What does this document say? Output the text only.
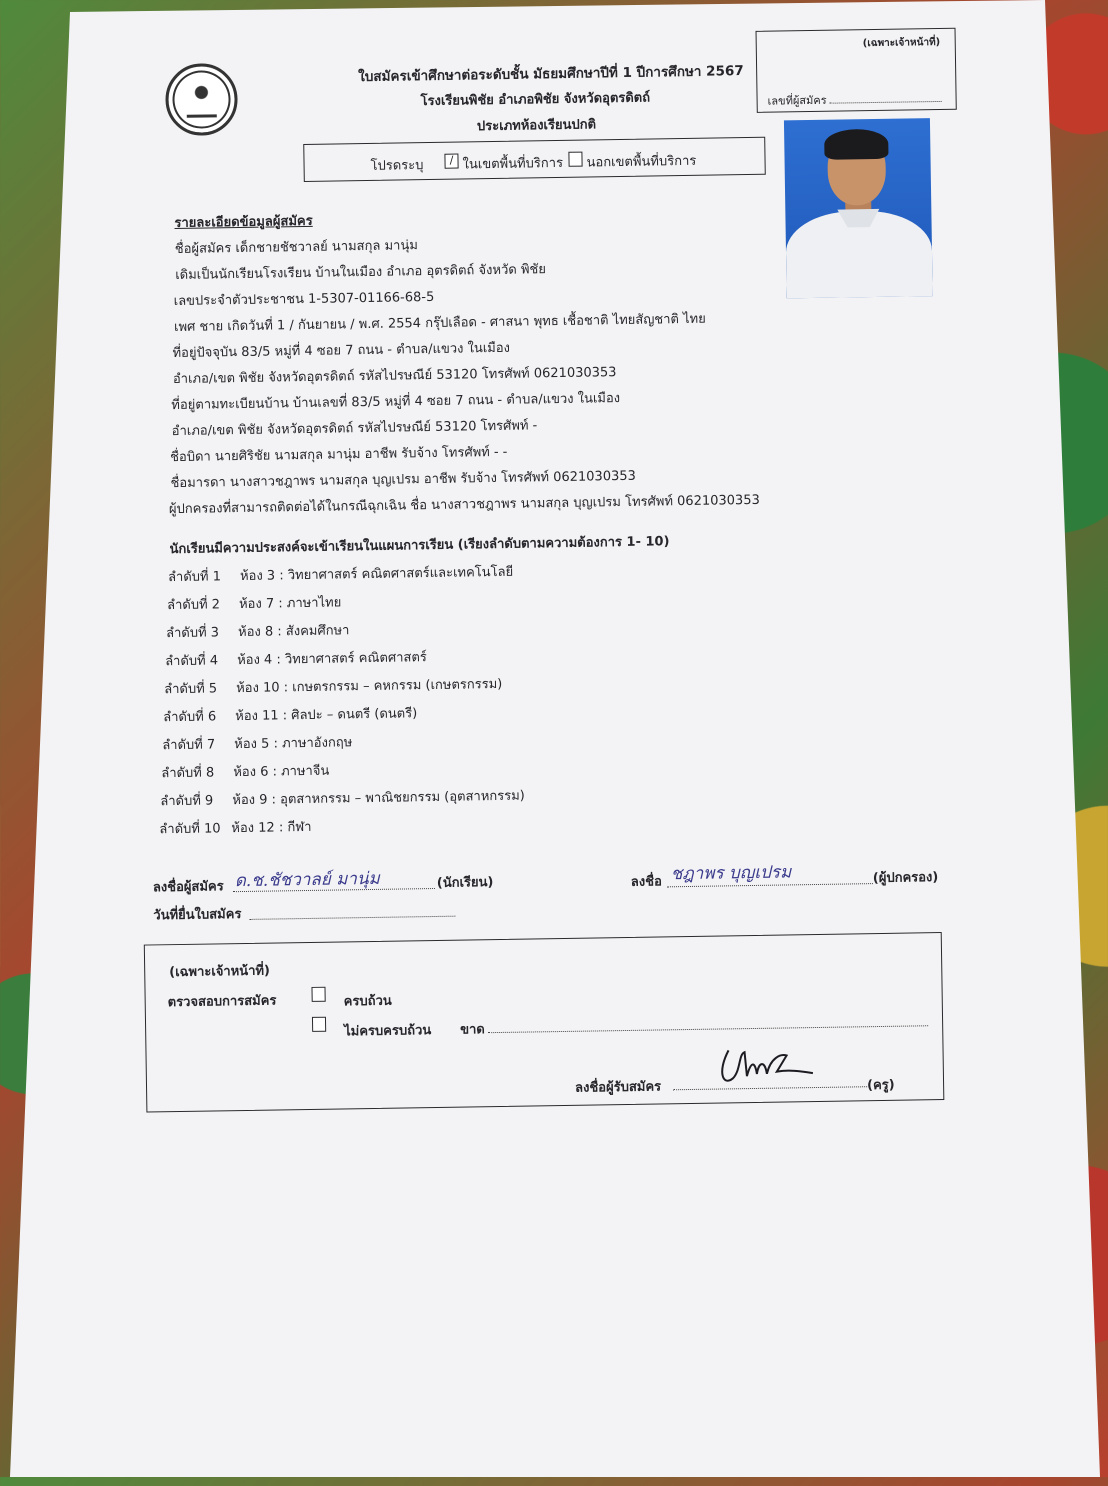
ใบสมัครเข้าศึกษาต่อระดับชั้น มัธยมศึกษาปีที่ 1 ปีการศึกษา 2567
โรงเรียนพิชัย อำเภอพิชัย จังหวัดอุตรดิตถ์
ประเภทห้องเรียนปกติ
(เฉพาะเจ้าหน้าที่)
เลขที่ผู้สมัคร
โปรดระบุ	/ ในเขตพื้นที่บริการ นอกเขตพื้นที่บริการ
รายละเอียดข้อมูลผู้สมัคร
ชื่อผู้สมัคร เด็กชายชัชวาลย์ นามสกุล มานุ่ม
เดิมเป็นนักเรียนโรงเรียน บ้านในเมือง อำเภอ อุตรดิตถ์ จังหวัด พิชัย
เลขประจำตัวประชาชน 1-5307-01166-68-5
เพศ ชาย เกิดวันที่ 1 / กันยายน / พ.ศ. 2554 กรุ๊ปเลือด - ศาสนา พุทธ เชื้อชาติ ไทยสัญชาติ ไทย
ที่อยู่ปัจจุบัน 83/5 หมู่ที่ 4 ซอย 7 ถนน - ตำบล/แขวง ในเมือง
อำเภอ/เขต พิชัย จังหวัดอุตรดิตถ์ รหัสไปรษณีย์ 53120 โทรศัพท์ 0621030353
ที่อยู่ตามทะเบียนบ้าน บ้านเลขที่ 83/5 หมู่ที่ 4 ซอย 7 ถนน - ตำบล/แขวง ในเมือง
อำเภอ/เขต พิชัย จังหวัดอุตรดิตถ์ รหัสไปรษณีย์ 53120 โทรศัพท์ -
ชื่อบิดา นายศิริชัย นามสกุล มานุ่ม อาชีพ รับจ้าง โทรศัพท์ - -
ชื่อมารดา นางสาวชฎาพร นามสกุล บุญเปรม อาชีพ รับจ้าง โทรศัพท์ 0621030353
ผู้ปกครองที่สามารถติดต่อได้ในกรณีฉุกเฉิน ชื่อ นางสาวชฎาพร นามสกุล บุญเปรม โทรศัพท์ 0621030353
นักเรียนมีความประสงค์จะเข้าเรียนในแผนการเรียน (เรียงลำดับตามความต้องการ 1- 10)
ลำดับที่ 1 ห้อง 3 : วิทยาศาสตร์ คณิตศาสตร์และเทคโนโลยี
ลำดับที่ 2 ห้อง 7 : ภาษาไทย
ลำดับที่ 3 ห้อง 8 : สังคมศึกษา
ลำดับที่ 4 ห้อง 4 : วิทยาศาสตร์ คณิตศาสตร์
ลำดับที่ 5 ห้อง 10 : เกษตรกรรม – คหกรรม (เกษตรกรรม)
ลำดับที่ 6 ห้อง 11 : ศิลปะ – ดนตรี (ดนตรี)
ลำดับที่ 7 ห้อง 5 : ภาษาอังกฤษ
ลำดับที่ 8 ห้อง 6 : ภาษาจีน
ลำดับที่ 9 ห้อง 9 : อุตสาหกรรม – พาณิชยกรรม (อุตสาหกรรม)
ลำดับที่ 10 ห้อง 12 : กีฬา
ลงชื่อผู้สมัคร ด.ช.ชัชวาลย์ มานุ่ม	(นักเรียน)
วันที่ยื่นใบสมัคร
ลงชื่อ ชฎาพร บุญเปรม	(ผู้ปกครอง)
(เฉพาะเจ้าหน้าที่)
ตรวจสอบการสมัคร	ครบถ้วน
ไม่ครบครบถ้วน ขาด
ลงชื่อผู้รับสมัคร	(ครู)
